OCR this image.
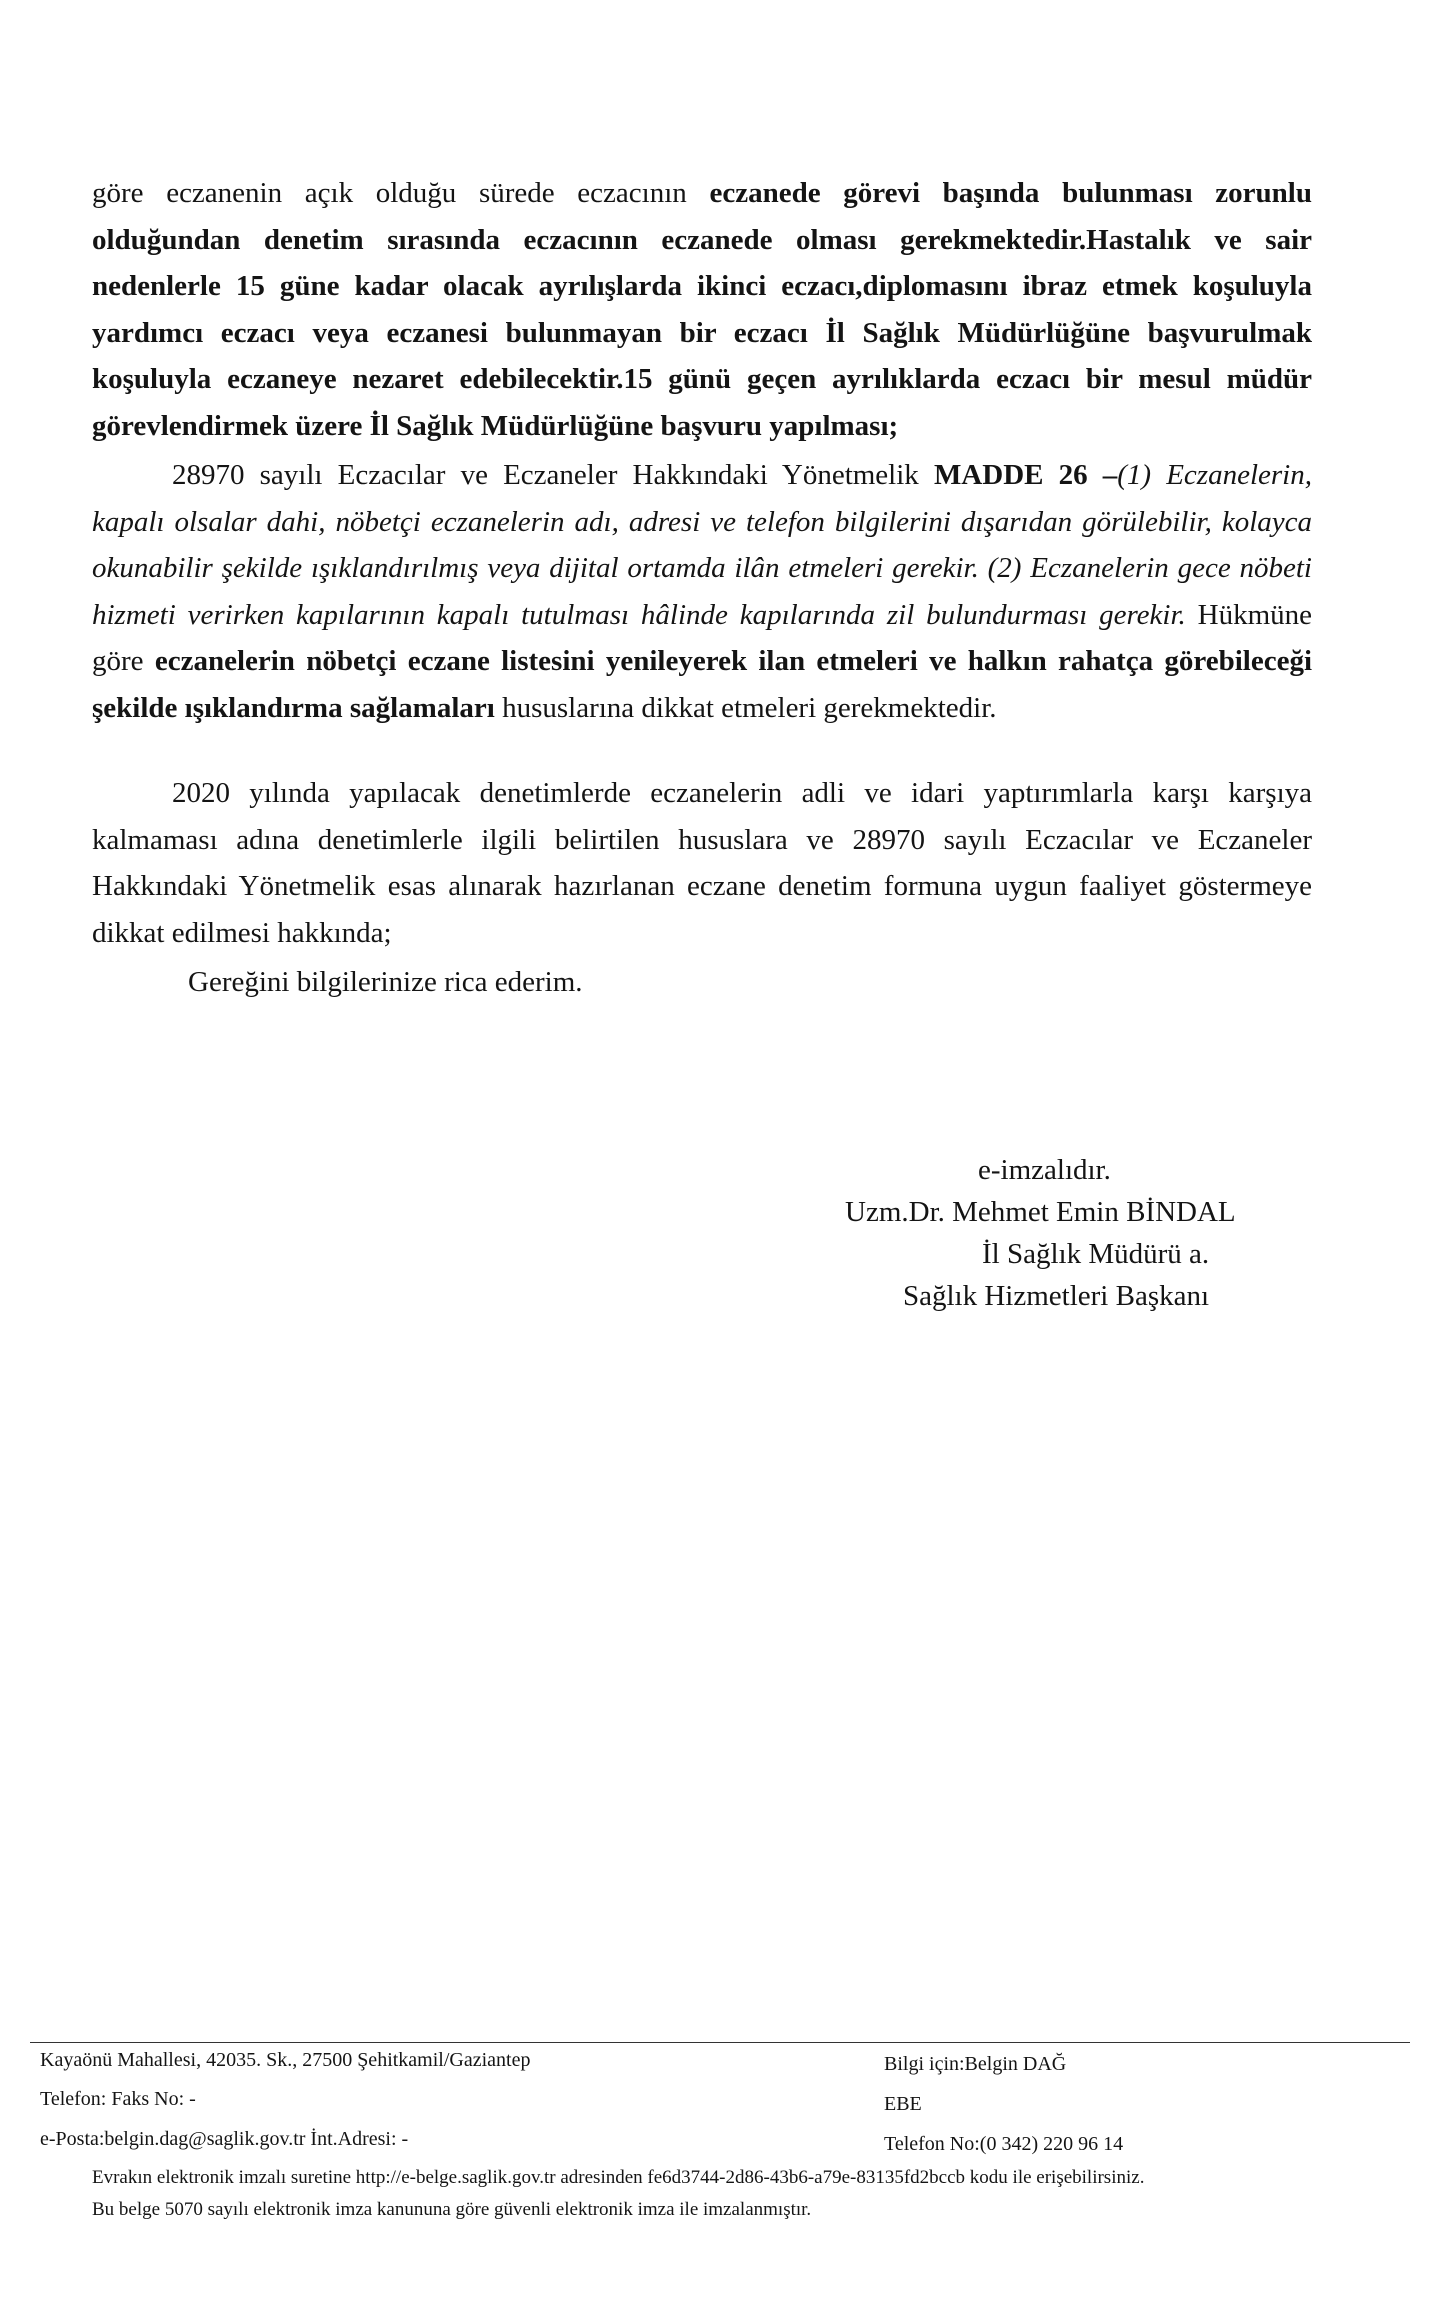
göre eczanenin açık olduğu sürede eczacının eczanede görevi başında bulunması zorunlu olduğundan denetim sırasında eczacının eczanede olması gerekmektedir.Hastalık ve sair nedenlerle 15 güne kadar olacak ayrılışlarda ikinci eczacı,diplomasını ibraz etmek koşuluyla yardımcı eczacı veya eczanesi bulunmayan bir eczacı İl Sağlık Müdürlüğüne başvurulmak koşuluyla eczaneye nezaret edebilecektir.15 günü geçen ayrılıklarda eczacı bir mesul müdür görevlendirmek üzere İl Sağlık Müdürlüğüne başvuru yapılması;

28970 sayılı Eczacılar ve Eczaneler Hakkındaki Yönetmelik MADDE 26 –(1) Eczanelerin, kapalı olsalar dahi, nöbetçi eczanelerin adı, adresi ve telefon bilgilerini dışarıdan görülebilir, kolayca okunabilir şekilde ışıklandırılmış veya dijital ortamda ilân etmeleri gerekir. (2) Eczanelerin gece nöbeti hizmeti verirken kapılarının kapalı tutulması hâlinde kapılarında zil bulundurması gerekir. Hükmüne göre eczanelerin nöbetçi eczane listesini yenileyerek ilan etmeleri ve halkın rahatça görebileceği şekilde ışıklandırma sağlamaları hususlarına dikkat etmeleri gerekmektedir.

2020 yılında yapılacak denetimlerde eczanelerin adli ve idari yaptırımlarla karşı karşıya kalmaması adına denetimlerle ilgili belirtilen hususlara ve 28970 sayılı Eczacılar ve Eczaneler Hakkındaki Yönetmelik esas alınarak hazırlanan eczane denetim formuna uygun faaliyet göstermeye dikkat edilmesi hakkında;

Gereğini bilgilerinize rica ederim.
e-imzalıdır.
Uzm.Dr. Mehmet Emin BİNDAL
İl Sağlık Müdürü a.
Sağlık Hizmetleri Başkanı
Kayaönü Mahallesi, 42035. Sk., 27500 Şehitkamil/Gaziantep
Telefon: Faks No: -
e-Posta:belgin.dag@saglik.gov.tr İnt.Adresi: -
Bilgi için:Belgin DAĞ
EBE
Telefon No:(0 342) 220 96 14
Evrakın elektronik imzalı suretine http://e-belge.saglik.gov.tr adresinden fe6d3744-2d86-43b6-a79e-83135fd2bccb kodu ile erişebilirsiniz.
Bu belge 5070 sayılı elektronik imza kanununa göre güvenli elektronik imza ile imzalanmıştır.
